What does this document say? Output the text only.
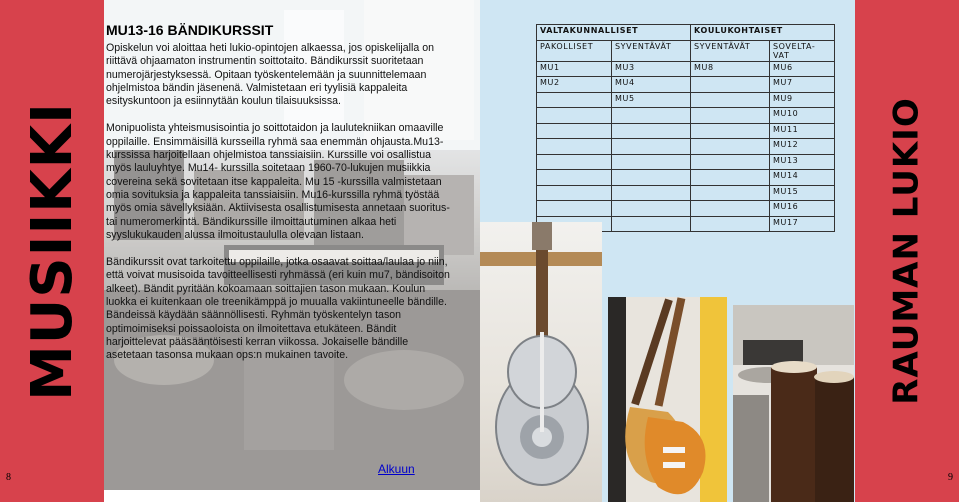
MUSIIKKI
8
MU13-16 BÄNDIKURSSIT

Opiskelun voi aloittaa heti lukio-opintojen alkaessa, jos opiskelijalla on riittävä ohjaamaton instrumentin soittotaito. Bändikurssit suoritetaan numerojärjestyksessä. Opitaan työskentelemään ja suunnittelemaan ohjelmistoa bändin jäsenenä. Valmistetaan eri tyylisiä kappaleita esityskuntoon ja esiinnytään koulun tilaisuuksissa.

Monipuolista yhteismusisointia jo soittotaidon ja laulutekniikan omaaville oppilaille. Ensimmäisillä kursseilla ryhmä saa enemmän ohjausta.Mu13- kurssissa harjoitellaan ohjelmistoa tanssiaisiin. Kurssille voi osallistua myös lauluyhtye. Mu14- kurssilla soitetaan 1960-70-lukujen musiikkia covereina sekä sovitetaan itse kappaleita. Mu 15 -kurssilla valmistetaan omia sovituksia ja kappaleita tanssiaisiin. Mu16-kurssilla ryhmä työstää myös omia sävellyksiään. Aktiivisesta osallistumisesta annetaan suoritus- tai numeromerkintä. Bändikurssille ilmoittautuminen alkaa heti syyslukukauden alussa ilmoitustaululla olevaan listaan.

Bändikurssit ovat tarkoitettu oppilaille, jotka osaavat soittaa/laulaa jo niin, että voivat musisoida tavoitteellisesti ryhmässä (eri kuin mu7, bändisoiton alkeet). Bändit pyritään kokoamaan soittajien tason mukaan. Koulun luokka ei kuitenkaan ole treenikämppä jo muualla vakiintuneelle bändille. Bändeissä käydään säännöllisesti. Ryhmän työskentelyn tason optimoimiseksi poissaoloista on ilmoitettava etukäteen. Bändit harjoittelevat pääsääntöisesti kerran viikossa. Jokaiselle bändille asetetaan tasonsa mukaan ops:n mukainen tavoite.

Alkuun
VALTAKUNNALLISET		KOULUKOHTAISET	
PAKOLLISET	SYVENTÄVÄT	SYVENTÄVÄT	SOVELTA-VAT
MU1	MU3	MU8	MU6
MU2	MU4		MU7
	MU5		MU9
			MU10
			MU11
			MU12
			MU13
			MU14
			MU15
			MU16
			MU17	RAUMAN LUKIO
9
